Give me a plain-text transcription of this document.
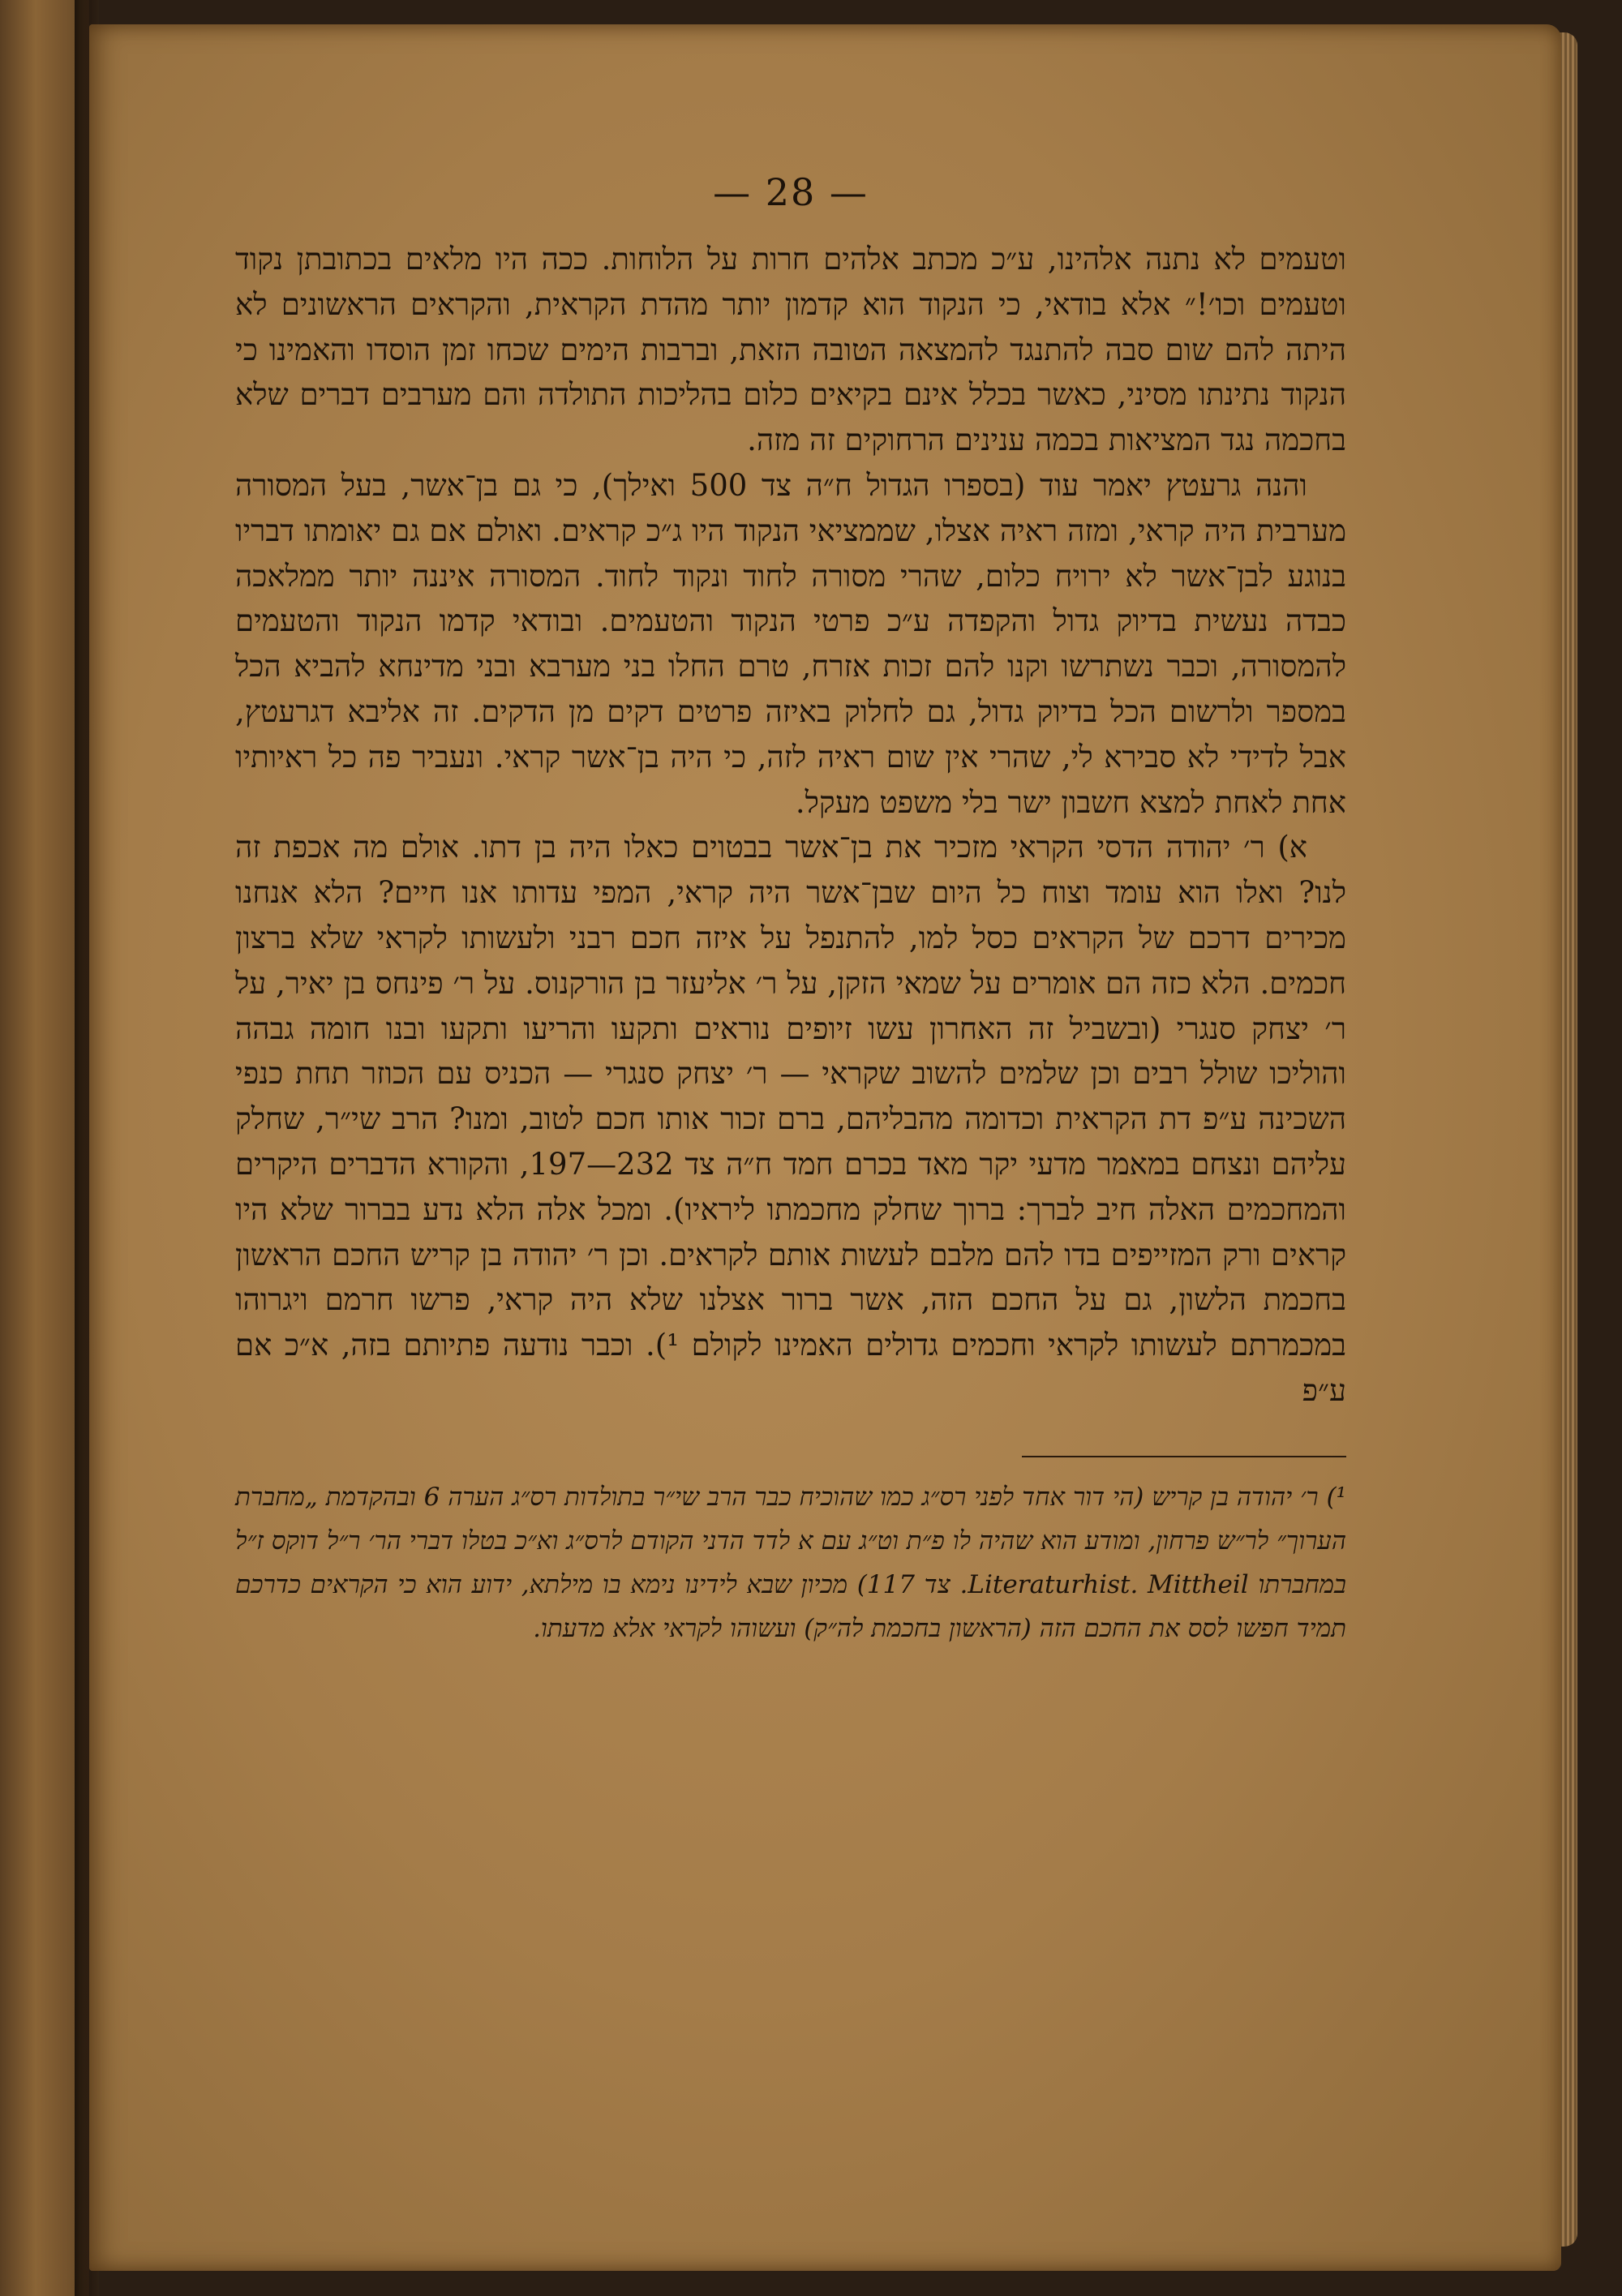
— 28 —

וטעמים לא נתנה אלהינו, ע״כ מכתב אלהים חרות על הלוחות. ככה היו מלאים בכתובתן נקוד וטעמים וכו׳!״ אלא בודאי, כי הנקוד הוא קדמון יותר מהדת הקראית, והקראים הראשונים לא היתה להם שום סבה להתנגד להמצאה הטובה הזאת, וברבות הימים שכחו זמן הוסדו והאמינו כי הנקוד נתינתו מסיני, כאשר בכלל אינם בקיאים כלום בהליכות התולדה והם מערבים דברים שלא בחכמה נגד המציאות בכמה ענינים הרחוקים זה מזה.

והנה גרעטץ יאמר עוד (בספרו הגדול ח״ה צד 500 ואילך), כי גם בן־אשר, בעל המסורה מערבית היה קראי, ומזה ראיה אצלו, שממציאי הנקוד היו ג״כ קראים. ואולם אם גם יאומתו דבריו בנוגע לבן־אשר לא ירויח כלום, שהרי מסורה לחוד ונקוד לחוד. המסורה איננה יותר ממלאכה כבדה נעשית בדיוק גדול והקפדה ע״כ פרטי הנקוד והטעמים. ובודאי קדמו הנקוד והטעמים להמסורה, וכבר נשתרשו וקנו להם זכות אזרח, טרם החלו בני מערבא ובני מדינחא להביא הכל במספר ולרשום הכל בדיוק גדול, גם לחלוק באיזה פרטים דקים מן הדקים. זה אליבא דגרעטץ, אבל לדידי לא סבירא לי, שהרי אין שום ראיה לזה, כי היה בן־אשר קראי. ונעביר פה כל ראיותיו אחת לאחת למצא חשבון ישר בלי משפט מעקל.

א) ר׳ יהודה הדסי הקראי מזכיר את בן־אשר בבטוים כאלו היה בן דתו. אולם מה אכפת זה לנו? ואלו הוא עומד וצוח כל היום שבן־אשר היה קראי, המפי עדותו אנו חיים? הלא אנחנו מכירים דרכם של הקראים כסל למו, להתנפל על איזה חכם רבני ולעשותו לקראי שלא ברצון חכמים. הלא כזה הם אומרים על שמאי הזקן, על ר׳ אליעזר בן הורקנוס. על ר׳ פינחס בן יאיר, על ר׳ יצחק סנגרי (ובשביל זה האחרון עשו זיופים נוראים ותקעו והריעו ותקעו ובנו חומה גבהה והוליכו שולל רבים וכן שלמים להשוב שקראי — ר׳ יצחק סנגרי — הכניס עם הכוזר תחת כנפי השכינה ע״פ דת הקראית וכדומה מהבליהם, ברם זכור אותו חכם לטוב, ומנו? הרב שי״ר, שחלק עליהם ונצחם במאמר מדעי יקר מאד בכרם חמד ח״ה צד 232—197, והקורא הדברים היקרים והמחכמים האלה חיב לברך: ברוך שחלק מחכמתו ליראיו). ומכל אלה הלא נדע בברור שלא היו קראים ורק המזייפים בדו להם מלבם לעשות אותם לקראים. וכן ר׳ יהודה בן קריש החכם הראשון בחכמת הלשון, גם על החכם הזה, אשר ברור אצלנו שלא היה קראי, פרשו חרמם ויגרוהו במכמרתם לעשותו לקראי וחכמים גדולים האמינו לקולם ¹). וכבר נודעה פתיותם בזה, א״כ אם ע״פ

¹) ר׳ יהודה בן קריש (הי דור אחד לפני רס״ג כמו שהוכיח כבר הרב שי״ר בתולדות רס״ג הערה 6 ובהקדמת „מחברת הערוך״ לר״ש פרחון, ומודע הוא שהיה לו פ״ת וט״ג עם א לדד הדני הקודם לרס״ג וא״כ בטלו דברי הר׳ ר״ל דוקס ז״ל במחברתו Literaturhist. Mittheil. צד 117) מכיון שבא לידינו נימא בו מילתא, ידוע הוא כי הקראים כדרכם תמיד חפשו לסס את החכם הזה (הראשון בחכמת לה״ק) ועשוהו לקראי אלא מדעתו.
